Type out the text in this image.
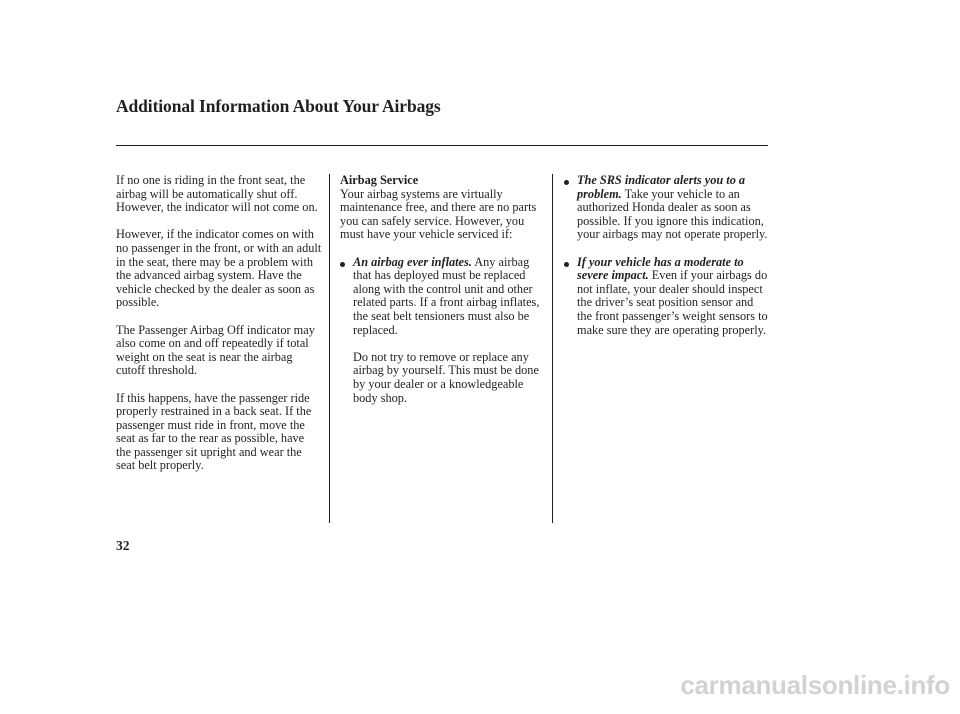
Additional Information About Your Airbags

If no one is riding in the front seat, the airbag will be automatically shut off. However, the indicator will not come on.

However, if the indicator comes on with no passenger in the front, or with an adult in the seat, there may be a problem with the advanced airbag system. Have the vehicle checked by the dealer as soon as possible.

The Passenger Airbag Off indicator may also come on and off repeatedly if total weight on the seat is near the airbag cutoff threshold.

If this happens, have the passenger ride properly restrained in a back seat. If the passenger must ride in front, move the seat as far to the rear as possible, have the passenger sit upright and wear the seat belt properly.

Airbag Service

Your airbag systems are virtually maintenance free, and there are no parts you can safely service. However, you must have your vehicle serviced if:

An airbag ever inflates. Any airbag that has deployed must be replaced along with the control unit and other related parts. If a front airbag inflates, the seat belt tensioners must also be replaced.

Do not try to remove or replace any airbag by yourself. This must be done by your dealer or a knowledgeable body shop.

The SRS indicator alerts you to a problem. Take your vehicle to an authorized Honda dealer as soon as possible. If you ignore this indication, your airbags may not operate properly.
If your vehicle has a moderate to severe impact. Even if your airbags do not inflate, your dealer should inspect the driver’s seat position sensor and the front passenger’s weight sensors to make sure they are operating properly.
32
carmanualsonline.info
